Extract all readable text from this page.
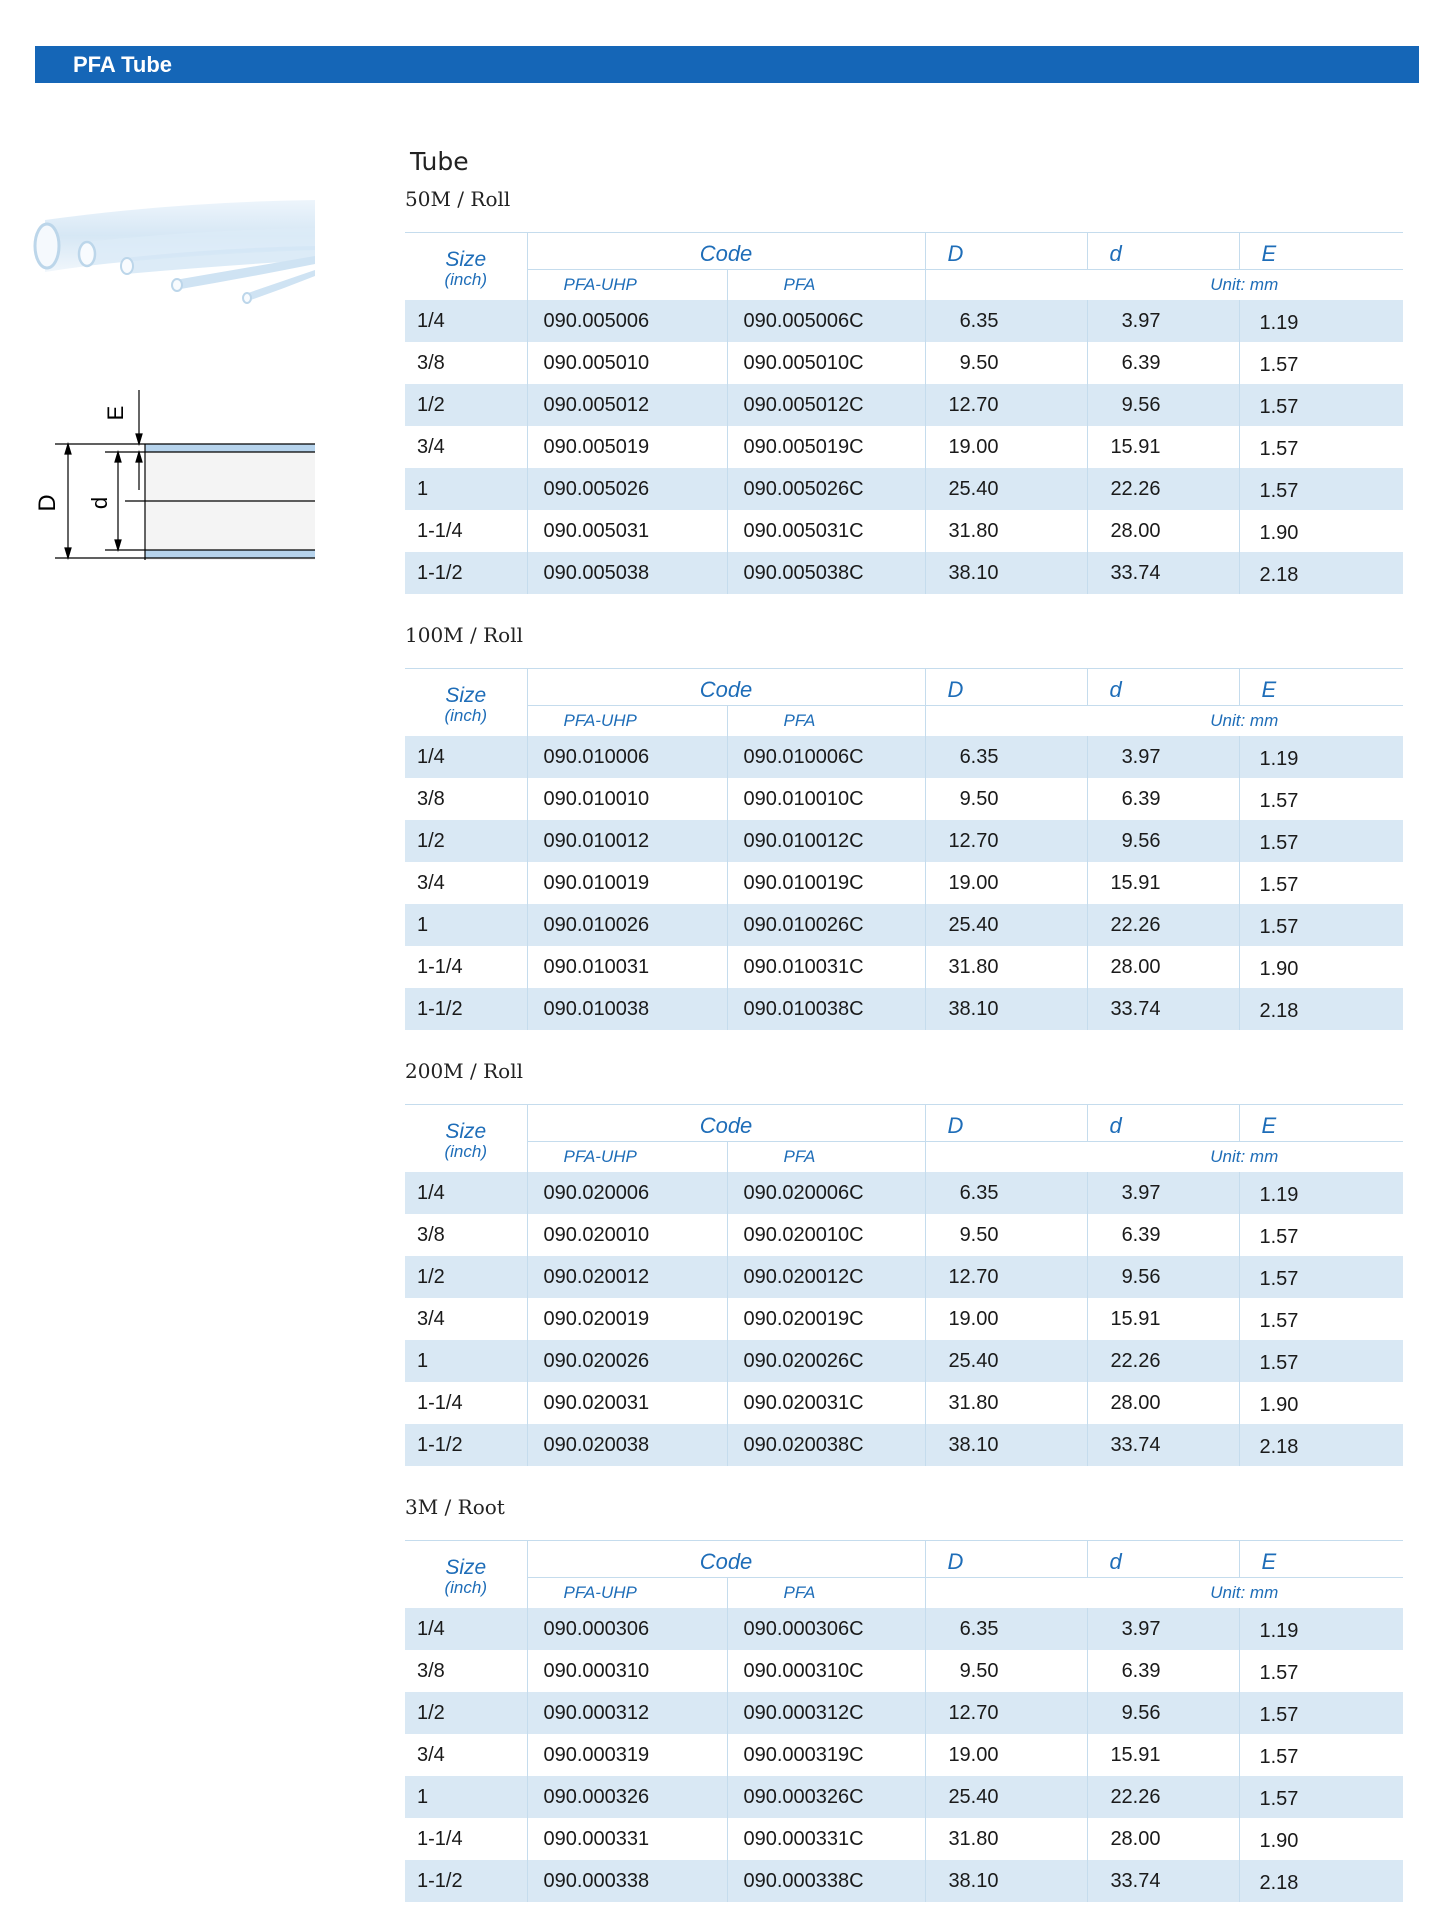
PFA Tube
E
D d
Tube
50M / Roll
Size
(inch)	Code		D	d	E
	PFA-UHP	PFA	Unit: mm		
1/4	090.005006	090.005006C	6.35	3.97	1.19
3/8	090.005010	090.005010C	9.50	6.39	1.57
1/2	090.005012	090.005012C	12.70	9.56	1.57
3/4	090.005019	090.005019C	19.00	15.91	1.57
1	090.005026	090.005026C	25.40	22.26	1.57
1-1/4	090.005031	090.005031C	31.80	28.00	1.90
1-1/2	090.005038	090.005038C	38.10	33.74	2.18
100M / Roll
Size
(inch)	Code		D	d	E
	PFA-UHP	PFA	Unit: mm		
1/4	090.010006	090.010006C	6.35	3.97	1.19
3/8	090.010010	090.010010C	9.50	6.39	1.57
1/2	090.010012	090.010012C	12.70	9.56	1.57
3/4	090.010019	090.010019C	19.00	15.91	1.57
1	090.010026	090.010026C	25.40	22.26	1.57
1-1/4	090.010031	090.010031C	31.80	28.00	1.90
1-1/2	090.010038	090.010038C	38.10	33.74	2.18
200M / Roll
Size
(inch)	Code		D	d	E
	PFA-UHP	PFA	Unit: mm		
1/4	090.020006	090.020006C	6.35	3.97	1.19
3/8	090.020010	090.020010C	9.50	6.39	1.57
1/2	090.020012	090.020012C	12.70	9.56	1.57
3/4	090.020019	090.020019C	19.00	15.91	1.57
1	090.020026	090.020026C	25.40	22.26	1.57
1-1/4	090.020031	090.020031C	31.80	28.00	1.90
1-1/2	090.020038	090.020038C	38.10	33.74	2.18
3M / Root
Size
(inch)	Code		D	d	E
	PFA-UHP	PFA	Unit: mm		
1/4	090.000306	090.000306C	6.35	3.97	1.19
3/8	090.000310	090.000310C	9.50	6.39	1.57
1/2	090.000312	090.000312C	12.70	9.56	1.57
3/4	090.000319	090.000319C	19.00	15.91	1.57
1	090.000326	090.000326C	25.40	22.26	1.57
1-1/4	090.000331	090.000331C	31.80	28.00	1.90
1-1/2	090.000338	090.000338C	38.10	33.74	2.18
